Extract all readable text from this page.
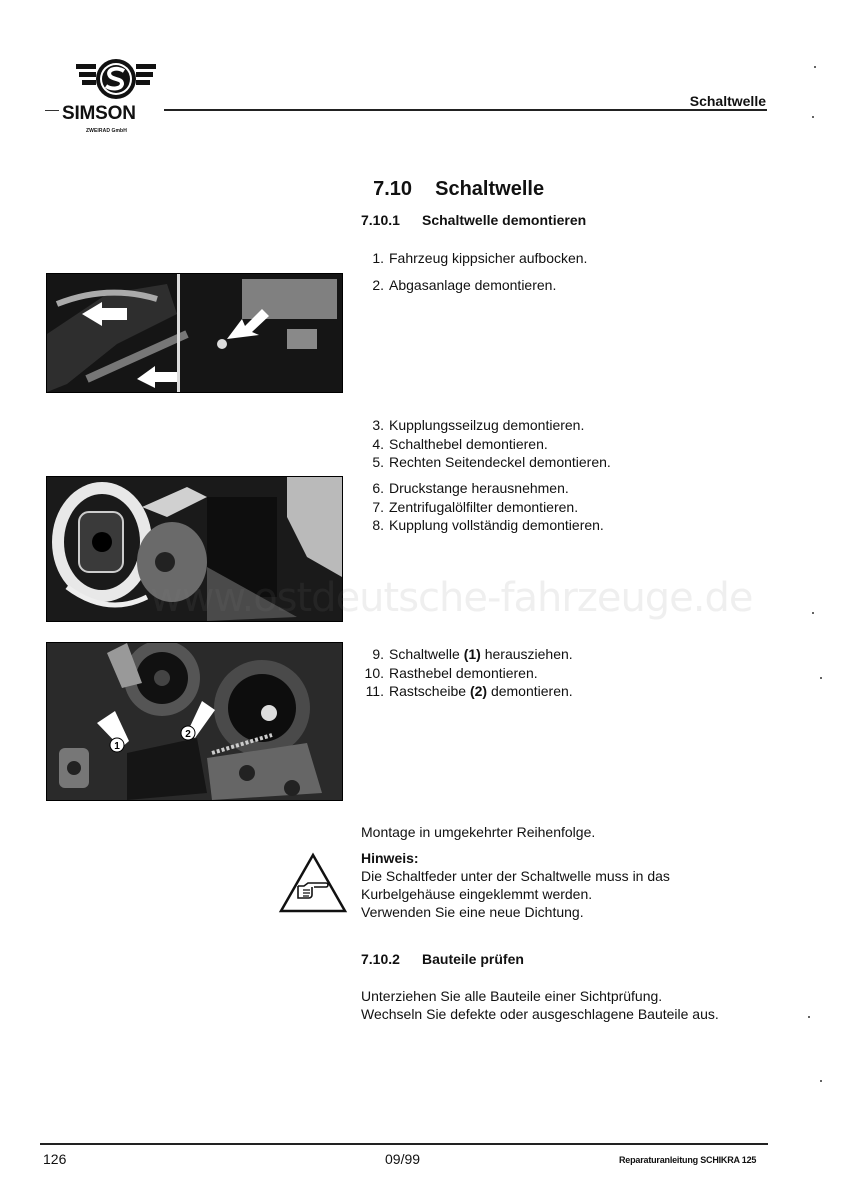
SIMSON
ZWEIRAD GmbH
Schaltwelle

7.10 Schaltwelle

7.10.1 Schaltwelle demontieren
1. Fahrzeug kippsicher aufbocken.
2. Abgasanlage demontieren.
3. Kupplungsseilzug demontieren.
4. Schalthebel demontieren.
5. Rechten Seitendeckel demontieren.
6. Druckstange herausnehmen.
7. Zentrifugalölfilter demontieren.
8. Kupplung vollständig demontieren.
www.ostdeutsche-fahrzeuge.de
1
2
9. Schaltwelle (1) herausziehen.
10. Rasthebel demontieren.
11. Rastscheibe (2) demontieren.
Montage in umgekehrter Reihenfolge.
Hinweis:
Die Schaltfeder unter der Schaltwelle muss in das
Kurbelgehäuse eingeklemmt werden.
Verwenden Sie eine neue Dichtung.
7.10.2 Bauteile prüfen
Unterziehen Sie alle Bauteile einer Sichtprüfung.
Wechseln Sie defekte oder ausgeschlagene Bauteile aus.
126	09/99	Reparaturanleitung SCHIKRA 125
